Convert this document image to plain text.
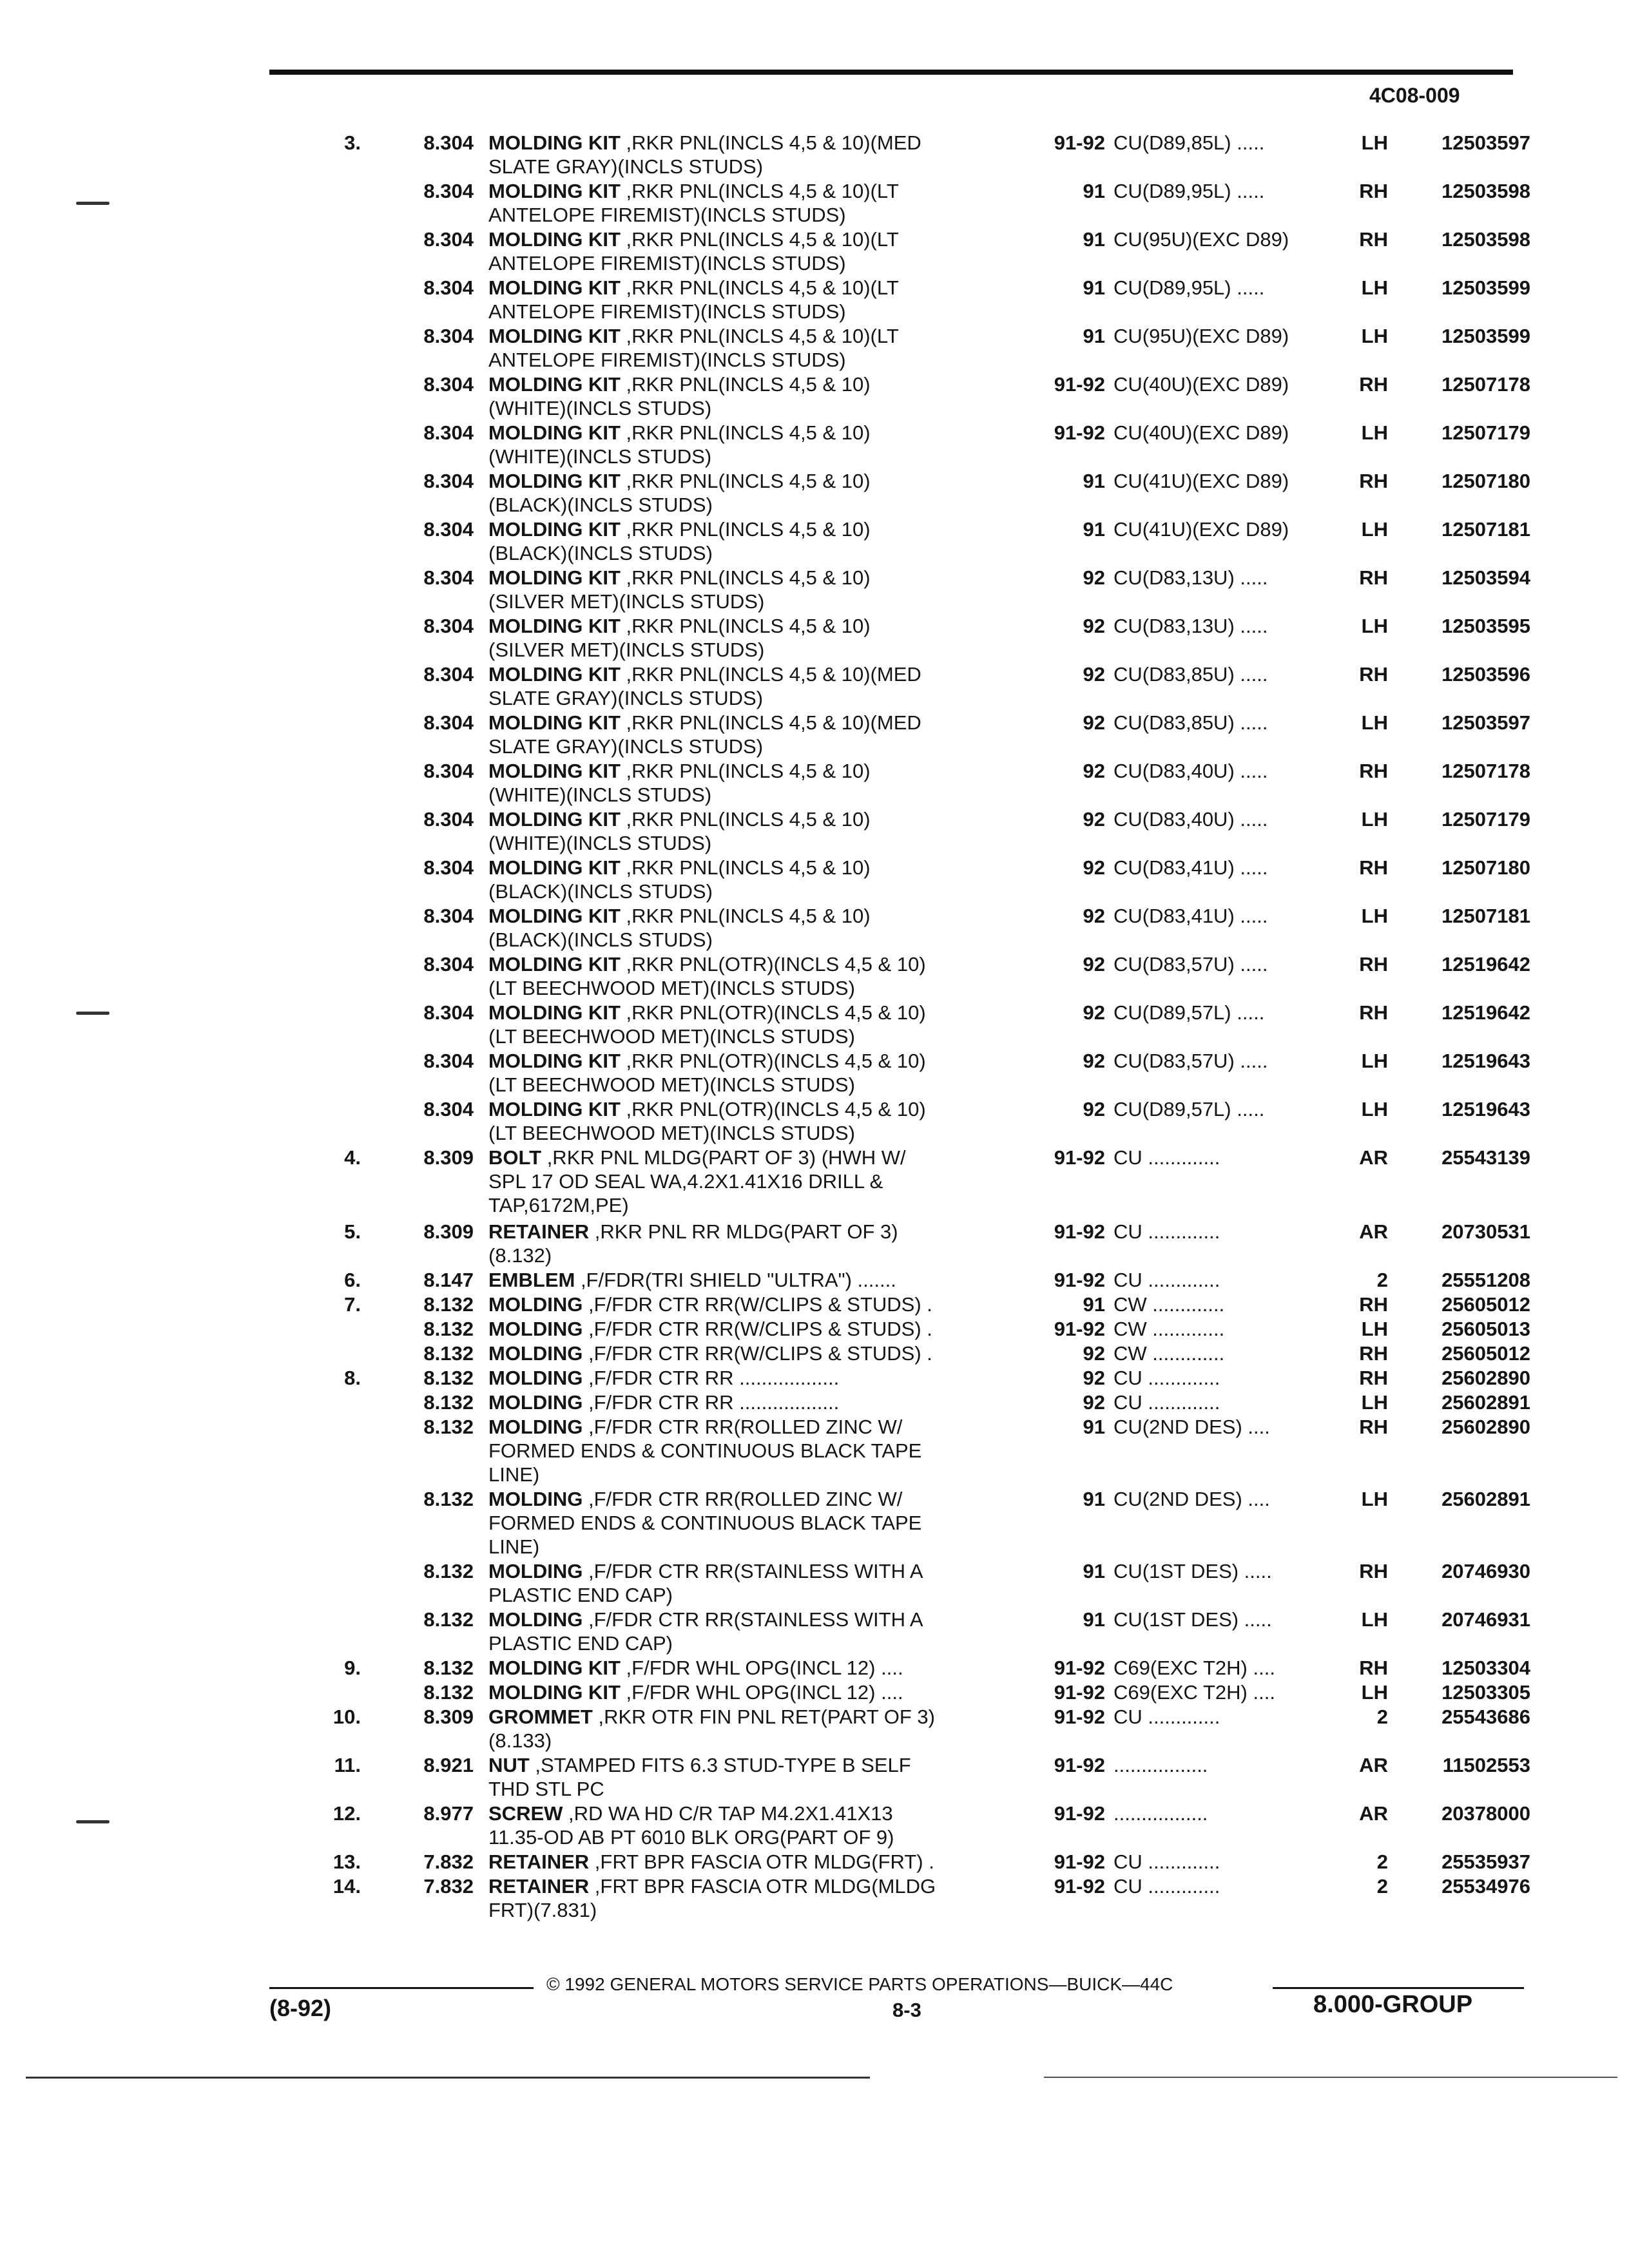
4C08-009
3.	8.304 MOLDING KIT ,RKR PNL(INCLS 4,5 & 10)(MED
SLATE GRAY)(INCLS STUDS)
91-92 CU(D89,85L) .....	LH	12503597
8.304 MOLDING KIT ,RKR PNL(INCLS 4,5 & 10)(LT
ANTELOPE FIREMIST)(INCLS STUDS)
91 CU(D89,95L) .....	RH	12503598
8.304 MOLDING KIT ,RKR PNL(INCLS 4,5 & 10)(LT
ANTELOPE FIREMIST)(INCLS STUDS)
91 CU(95U)(EXC D89)	RH	12503598
8.304 MOLDING KIT ,RKR PNL(INCLS 4,5 & 10)(LT
ANTELOPE FIREMIST)(INCLS STUDS)
91 CU(D89,95L) .....	LH	12503599
8.304 MOLDING KIT ,RKR PNL(INCLS 4,5 & 10)(LT
ANTELOPE FIREMIST)(INCLS STUDS)
91 CU(95U)(EXC D89)	LH	12503599
8.304 MOLDING KIT ,RKR PNL(INCLS 4,5 & 10)
(WHITE)(INCLS STUDS)
91-92 CU(40U)(EXC D89)	RH	12507178
8.304 MOLDING KIT ,RKR PNL(INCLS 4,5 & 10)
(WHITE)(INCLS STUDS)
91-92 CU(40U)(EXC D89)	LH	12507179
8.304 MOLDING KIT ,RKR PNL(INCLS 4,5 & 10)
(BLACK)(INCLS STUDS)
91 CU(41U)(EXC D89)	RH	12507180
8.304 MOLDING KIT ,RKR PNL(INCLS 4,5 & 10)
(BLACK)(INCLS STUDS)
91 CU(41U)(EXC D89)	LH	12507181
8.304 MOLDING KIT ,RKR PNL(INCLS 4,5 & 10)
(SILVER MET)(INCLS STUDS)
92 CU(D83,13U) .....	RH	12503594
8.304 MOLDING KIT ,RKR PNL(INCLS 4,5 & 10)
(SILVER MET)(INCLS STUDS)
92 CU(D83,13U) .....	LH	12503595
8.304 MOLDING KIT ,RKR PNL(INCLS 4,5 & 10)(MED
SLATE GRAY)(INCLS STUDS)
92 CU(D83,85U) .....	RH	12503596
8.304 MOLDING KIT ,RKR PNL(INCLS 4,5 & 10)(MED
SLATE GRAY)(INCLS STUDS)
92 CU(D83,85U) .....	LH	12503597
8.304 MOLDING KIT ,RKR PNL(INCLS 4,5 & 10)
(WHITE)(INCLS STUDS)
92 CU(D83,40U) .....	RH	12507178
8.304 MOLDING KIT ,RKR PNL(INCLS 4,5 & 10)
(WHITE)(INCLS STUDS)
92 CU(D83,40U) .....	LH	12507179
8.304 MOLDING KIT ,RKR PNL(INCLS 4,5 & 10)
(BLACK)(INCLS STUDS)
92 CU(D83,41U) .....	RH	12507180
8.304 MOLDING KIT ,RKR PNL(INCLS 4,5 & 10)
(BLACK)(INCLS STUDS)
92 CU(D83,41U) .....	LH	12507181
8.304 MOLDING KIT ,RKR PNL(OTR)(INCLS 4,5 & 10)
(LT BEECHWOOD MET)(INCLS STUDS)
92 CU(D83,57U) .....	RH	12519642
8.304 MOLDING KIT ,RKR PNL(OTR)(INCLS 4,5 & 10)
(LT BEECHWOOD MET)(INCLS STUDS)
92 CU(D89,57L) .....	RH	12519642
8.304 MOLDING KIT ,RKR PNL(OTR)(INCLS 4,5 & 10)
(LT BEECHWOOD MET)(INCLS STUDS)
92 CU(D83,57U) .....	LH	12519643
8.304 MOLDING KIT ,RKR PNL(OTR)(INCLS 4,5 & 10)
(LT BEECHWOOD MET)(INCLS STUDS)
92 CU(D89,57L) .....	LH	12519643
4.	8.309 BOLT ,RKR PNL MLDG(PART OF 3) (HWH W/
SPL 17 OD SEAL WA,4.2X1.41X16 DRILL &
TAP,6172M,PE)
91-92 CU .............	AR	25543139
5.	8.309 RETAINER ,RKR PNL RR MLDG(PART OF 3)
(8.132)
91-92 CU .............	AR	20730531
6.	8.147 EMBLEM ,F/FDR(TRI SHIELD "ULTRA") .......	91-92 CU .............	2	25551208
7.	8.132 MOLDING ,F/FDR CTR RR(W/CLIPS & STUDS) .	91 CW .............	RH	25605012
8.132 MOLDING ,F/FDR CTR RR(W/CLIPS & STUDS) .	91-92 CW .............	LH	25605013
8.132 MOLDING ,F/FDR CTR RR(W/CLIPS & STUDS) .	92 CW .............	RH	25605012
8.	8.132 MOLDING ,F/FDR CTR RR ..................	92 CU .............	RH	25602890
8.132 MOLDING ,F/FDR CTR RR ..................	92 CU .............	LH	25602891
8.132 MOLDING ,F/FDR CTR RR(ROLLED ZINC W/
FORMED ENDS & CONTINUOUS BLACK TAPE
LINE)
91 CU(2ND DES) ....	RH	25602890
8.132 MOLDING ,F/FDR CTR RR(ROLLED ZINC W/
FORMED ENDS & CONTINUOUS BLACK TAPE
LINE)
91 CU(2ND DES) ....	LH	25602891
8.132 MOLDING ,F/FDR CTR RR(STAINLESS WITH A
PLASTIC END CAP)
91 CU(1ST DES) .....	RH	20746930
8.132 MOLDING ,F/FDR CTR RR(STAINLESS WITH A
PLASTIC END CAP)
91 CU(1ST DES) .....	LH	20746931
9.	8.132 MOLDING KIT ,F/FDR WHL OPG(INCL 12) ....	91-92 C69(EXC T2H) ....	RH	12503304
8.132 MOLDING KIT ,F/FDR WHL OPG(INCL 12) ....	91-92 C69(EXC T2H) ....	LH	12503305
10.	8.309 GROMMET ,RKR OTR FIN PNL RET(PART OF 3)
(8.133)
91-92 CU .............	2	25543686
11.	8.921 NUT ,STAMPED FITS 6.3 STUD-TYPE B SELF
THD STL PC
91-92 .................	AR	11502553
12.	8.977 SCREW ,RD WA HD C/R TAP M4.2X1.41X13
11.35-OD AB PT 6010 BLK ORG(PART OF 9)
91-92 .................	AR	20378000
13.	7.832 RETAINER ,FRT BPR FASCIA OTR MLDG(FRT) .	91-92 CU .............	2	25535937
14.	7.832 RETAINER ,FRT BPR FASCIA OTR MLDG(MLDG
FRT)(7.831)
91-92 CU .............	2	25534976
© 1992 GENERAL MOTORS SERVICE PARTS OPERATIONS—BUICK—44C
(8-92)	8-3	8.000-GROUP
